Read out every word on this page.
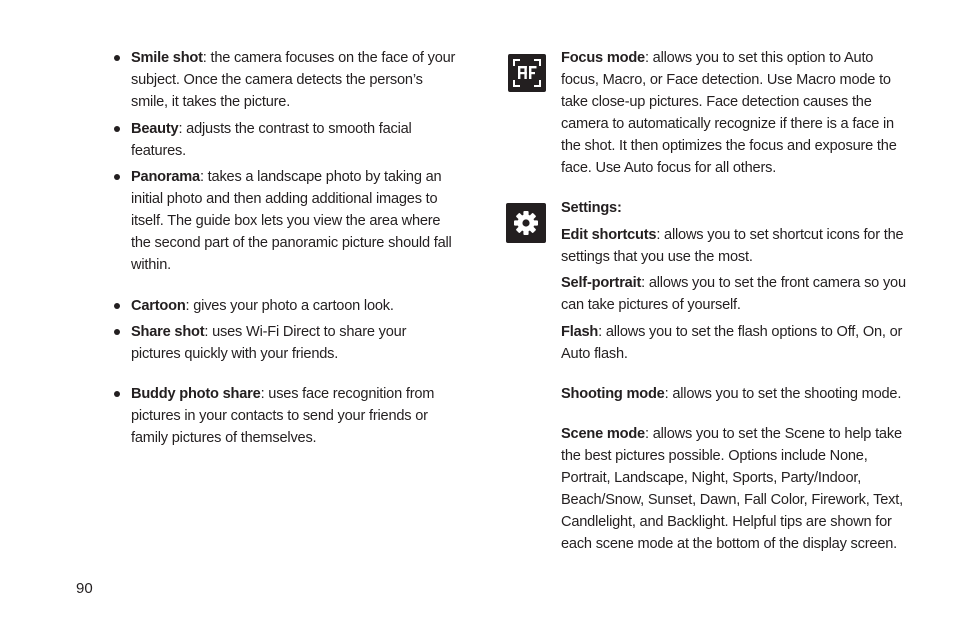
Smile shot: the camera focuses on the face of your subject. Once the camera detects the person’s smile, it takes the picture.
Beauty: adjusts the contrast to smooth facial features.
Panorama: takes a landscape photo by taking an initial photo and then adding additional images to itself. The guide box lets you view the area where the second part of the panoramic picture should fall within.
Cartoon: gives your photo a cartoon look.
Share shot: uses Wi-Fi Direct to share your pictures quickly with your friends.
Buddy photo share: uses face recognition from pictures in your contacts to send your friends or family pictures of themselves.
Focus mode: allows you to set this option to Auto focus, Macro, or Face detection. Use Macro mode to take close-up pictures. Face detection causes the camera to automatically recognize if there is a face in the shot. It then optimizes the focus and exposure the face. Use Auto focus for all others.
Settings:
Edit shortcuts: allows you to set shortcut icons for the settings that you use the most.
Self-portrait: allows you to set the front camera so you can take pictures of yourself.
Flash: allows you to set the flash options to Off, On, or Auto flash.
Shooting mode: allows you to set the shooting mode.
Scene mode: allows you to set the Scene to help take the best pictures possible. Options include None, Portrait, Landscape, Night, Sports, Party/Indoor, Beach/Snow, Sunset, Dawn, Fall Color, Firework, Text, Candlelight, and Backlight. Helpful tips are shown for each scene mode at the bottom of the display screen.
90
